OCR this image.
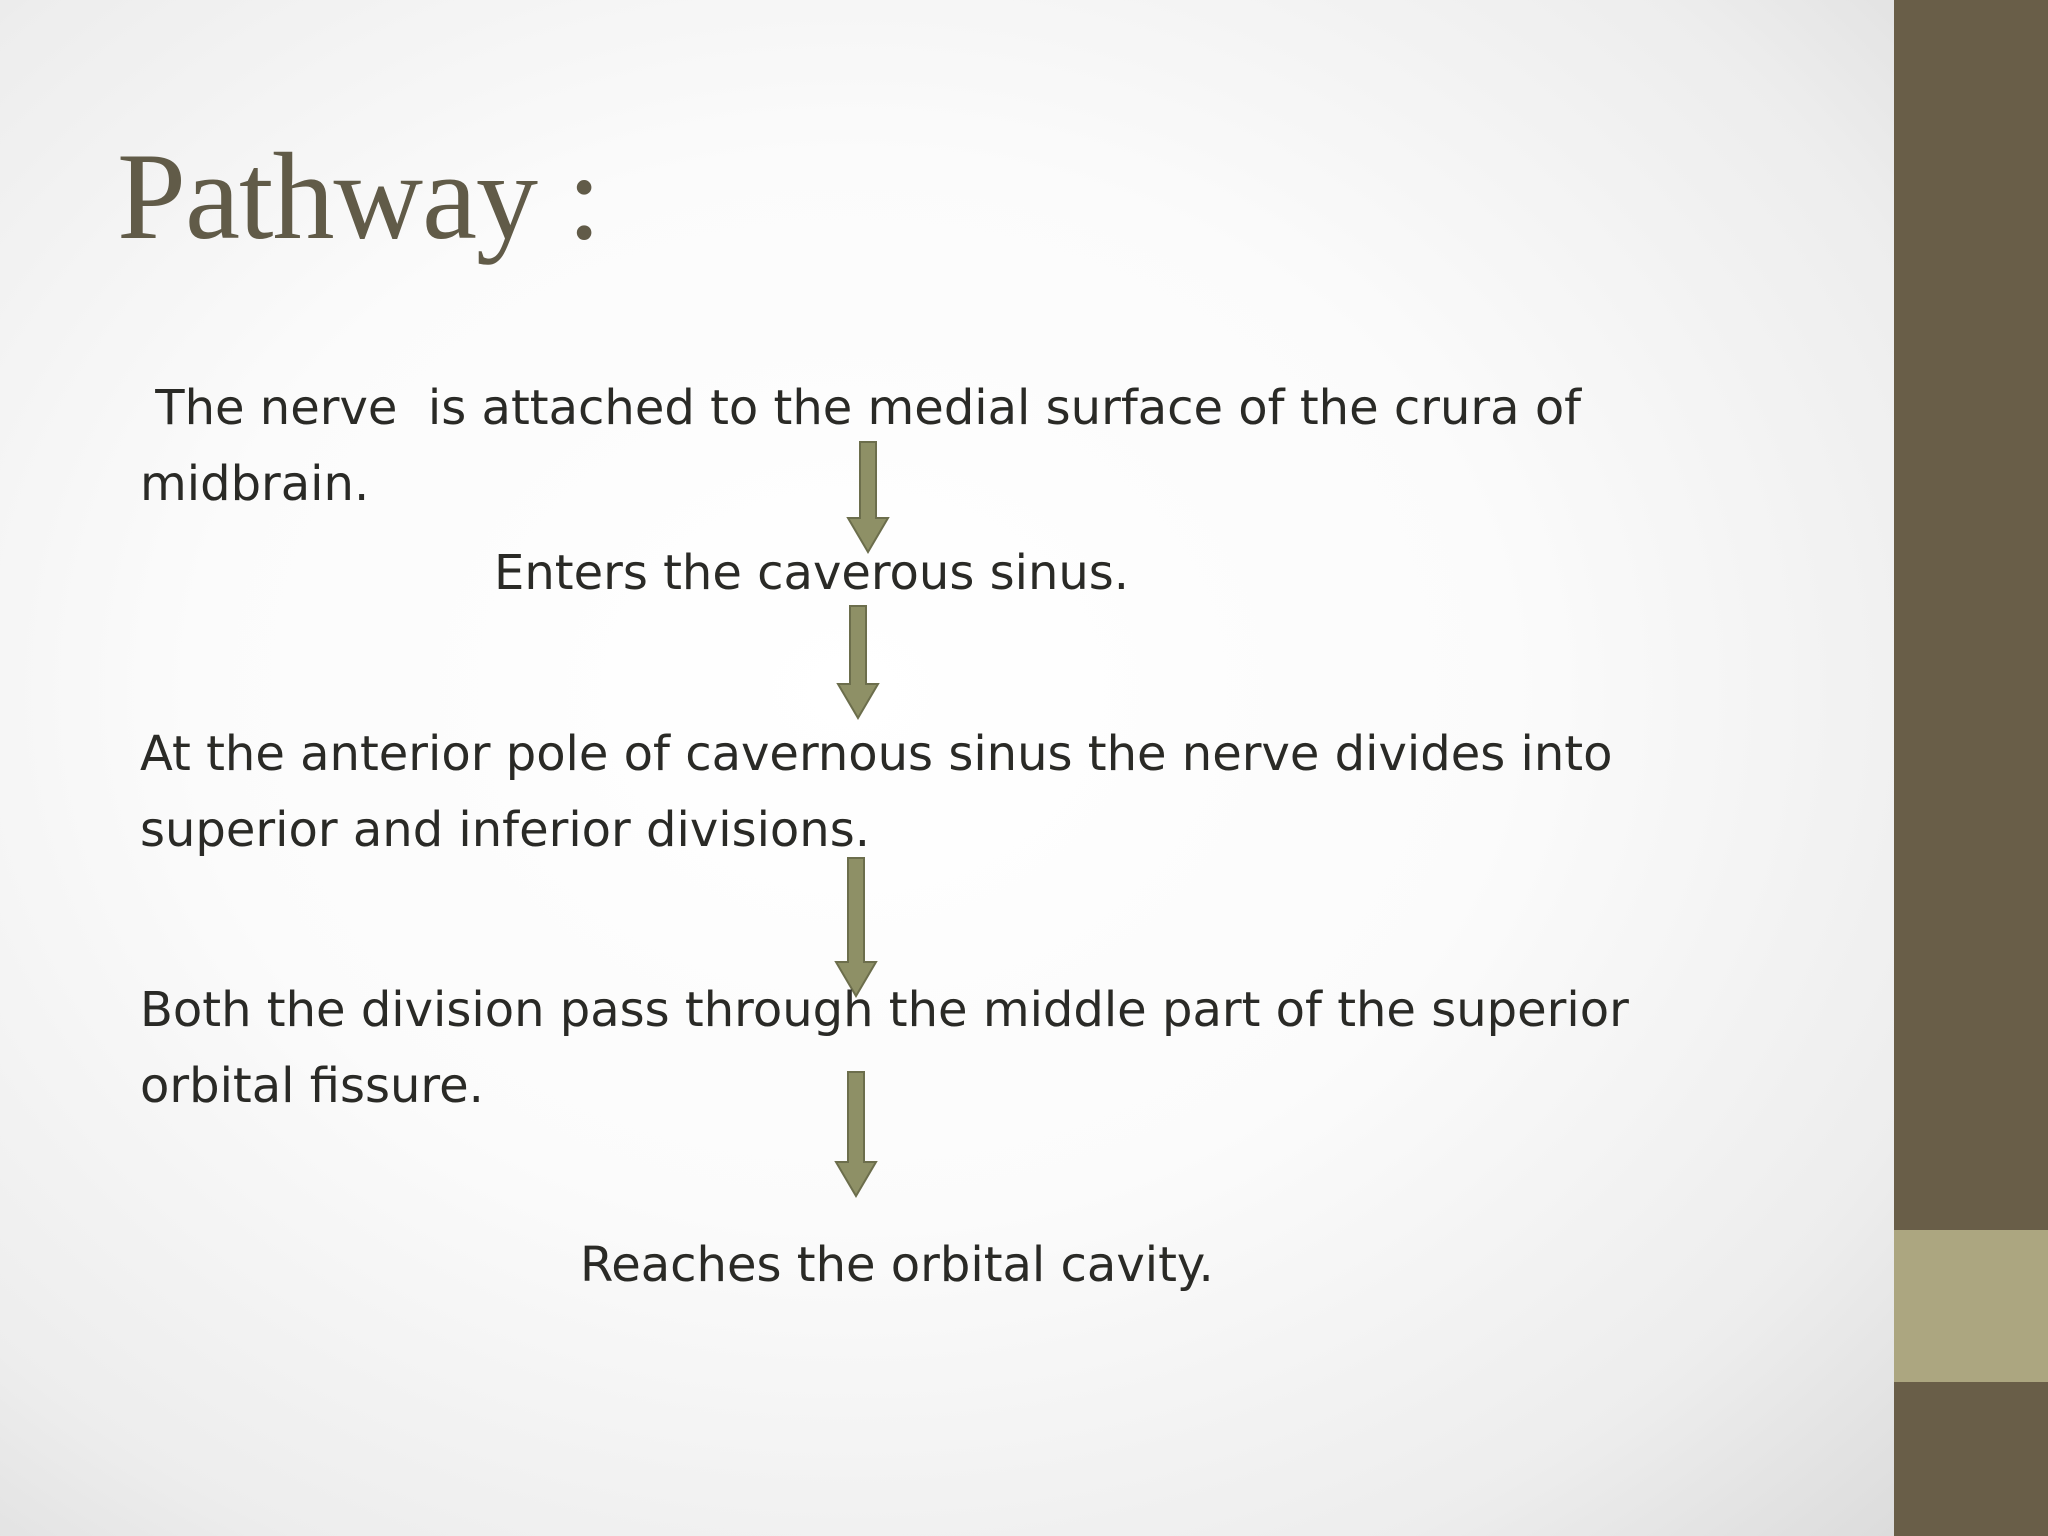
Pathway :

The nerve  is attached to the medial surface of the crura of
midbrain.

Enters the caverous sinus.

At the anterior pole of cavernous sinus the nerve divides into
superior and inferior divisions.

Both the division pass through the middle part of the superior
orbital fissure.

Reaches the orbital cavity.
